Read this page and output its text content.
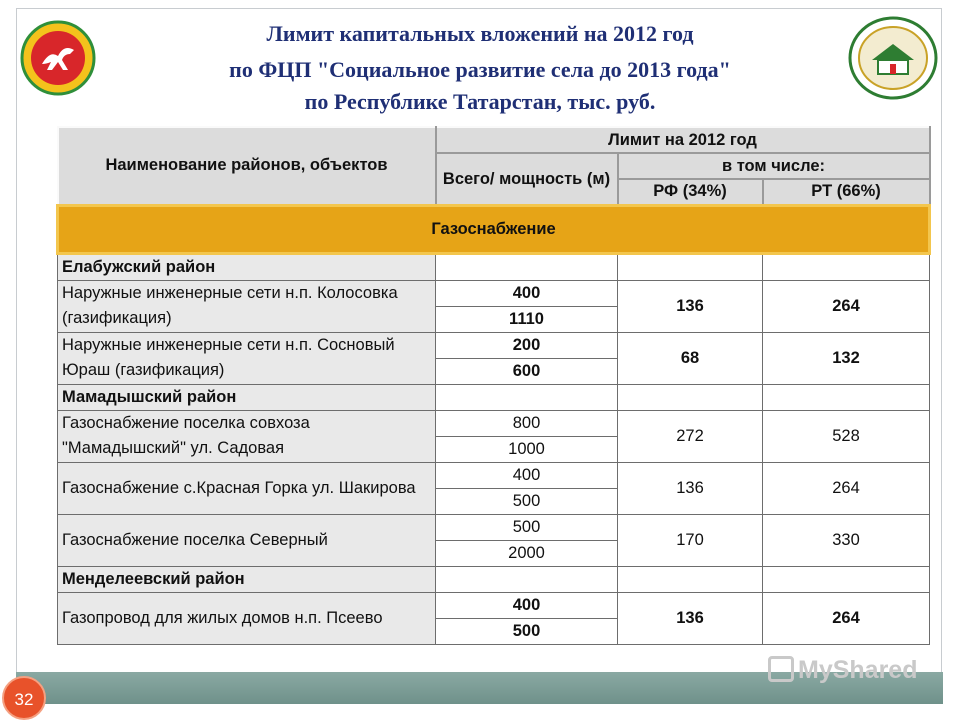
Лимит капитальных вложений на 2012 год
по ФЦП "Социальное развитие села до 2013 года"
по Республике Татарстан, тыс. руб.
Наименование районов, объектов	Лимит на 2012 год		
	Всего/ мощность (м)	в том числе:	
		РФ (34%)	РТ (66%)
Газоснабжение			
Елабужский район			
Наружные инженерные сети н.п. Колосовка (газификация)	400	136	264
	1110		
Наружные инженерные сети н.п. Сосновый Юраш (газификация)	200	68	132
	600		
Мамадышский район			
Газоснабжение поселка совхоза "Мамадышский" ул. Садовая	800	272	528
	1000		
Газоснабжение с.Красная Горка ул. Шакирова	400	136	264
	500		
Газоснабжение поселка Северный	500	170	330
	2000		
Менделеевский район			
Газопровод для жилых домов н.п. Псеево	400	136	264
	500		
32
MyShared
